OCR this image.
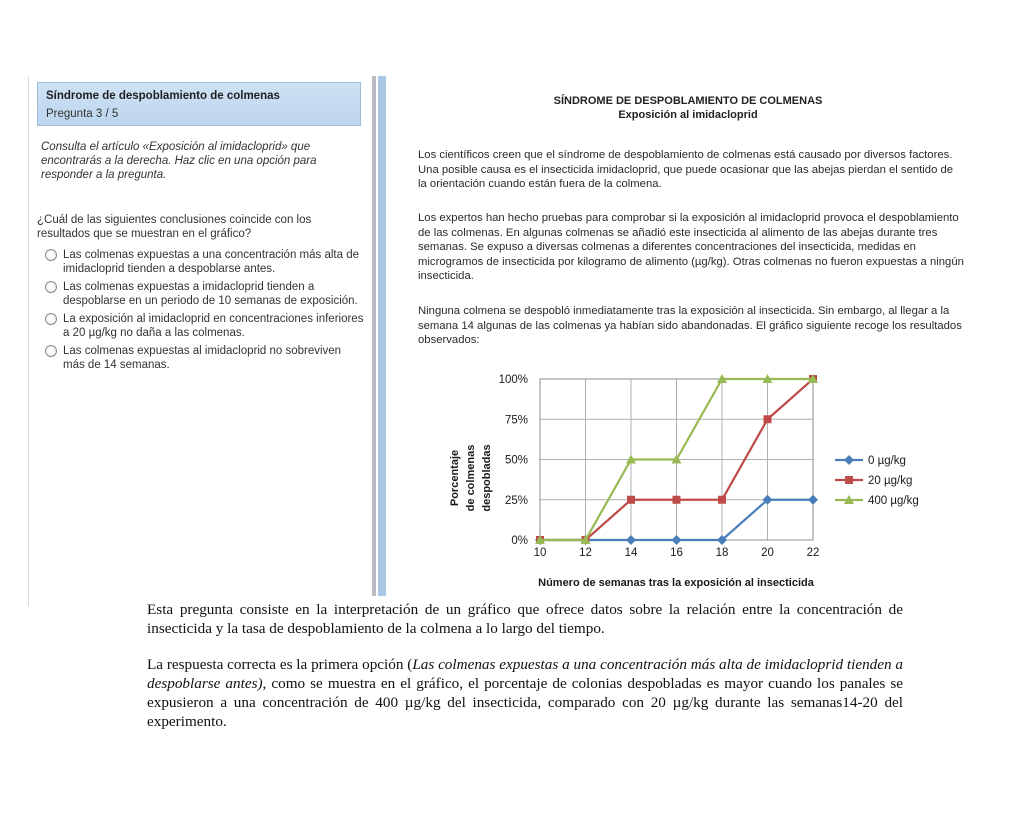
Síndrome de despoblamiento de colmenas
Pregunta 3 / 5
Consulta el artículo «Exposición al imidacloprid» que encontrarás a la derecha. Haz clic en una opción para responder a la pregunta.
¿Cuál de las siguientes conclusiones coincide con los resultados que se muestran en el gráfico?
Las colmenas expuestas a una concentración más alta de imidacloprid tienden a despoblarse antes.
Las colmenas expuestas a imidacloprid tienden a despoblarse en un periodo de 10 semanas de exposición.
La exposición al imidacloprid en concentraciones inferiores a 20 µg/kg no daña a las colmenas.
Las colmenas expuestas al imidacloprid no sobreviven más de 14 semanas.
SÍNDROME DE DESPOBLAMIENTO DE COLMENAS
Exposición al imidacloprid
Los científicos creen que el síndrome de despoblamiento de colmenas está causado por diversos factores. Una posible causa es el insecticida imidacloprid, que puede ocasionar que las abejas pierdan el sentido de la orientación cuando están fuera de la colmena.
Los expertos han hecho pruebas para comprobar si la exposición al imidacloprid provoca el despoblamiento de las colmenas. En algunas colmenas se añadió este insecticida al alimento de las abejas durante tres semanas. Se expuso a diversas colmenas a diferentes concentraciones del insecticida, medidas en microgramos de insecticida por kilogramo de alimento (µg/kg). Otras colmenas no fueron expuestas a ningún insecticida.
Ninguna colmena se despobló inmediatamente tras la exposición al insecticida. Sin embargo, al llegar a la semana 14 algunas de las colmenas ya habían sido abandonadas. El gráfico siguiente recoge los resultados observados:
0%
25%
50%
75%
100%
10	12	14	16	18	20	22
0 µg/kg
20 µg/kg
400 µg/kg
Porcentaje de colmenas despobladas
Número de semanas tras la exposición al insecticida
Esta pregunta consiste en la interpretación de un gráfico que ofrece datos sobre la relación entre la concentración de insecticida y la tasa de despoblamiento de la colmena a lo largo del tiempo.
La respuesta correcta es la primera opción (Las colmenas expuestas a una concentración más alta de imidacloprid tienden a despoblarse antes), como se muestra en el gráfico, el porcentaje de colonias despobladas es mayor cuando los panales se expusieron a una concentración de 400 µg/kg del insecticida, comparado con 20 µg/kg durante las semanas14-20 del experimento.
